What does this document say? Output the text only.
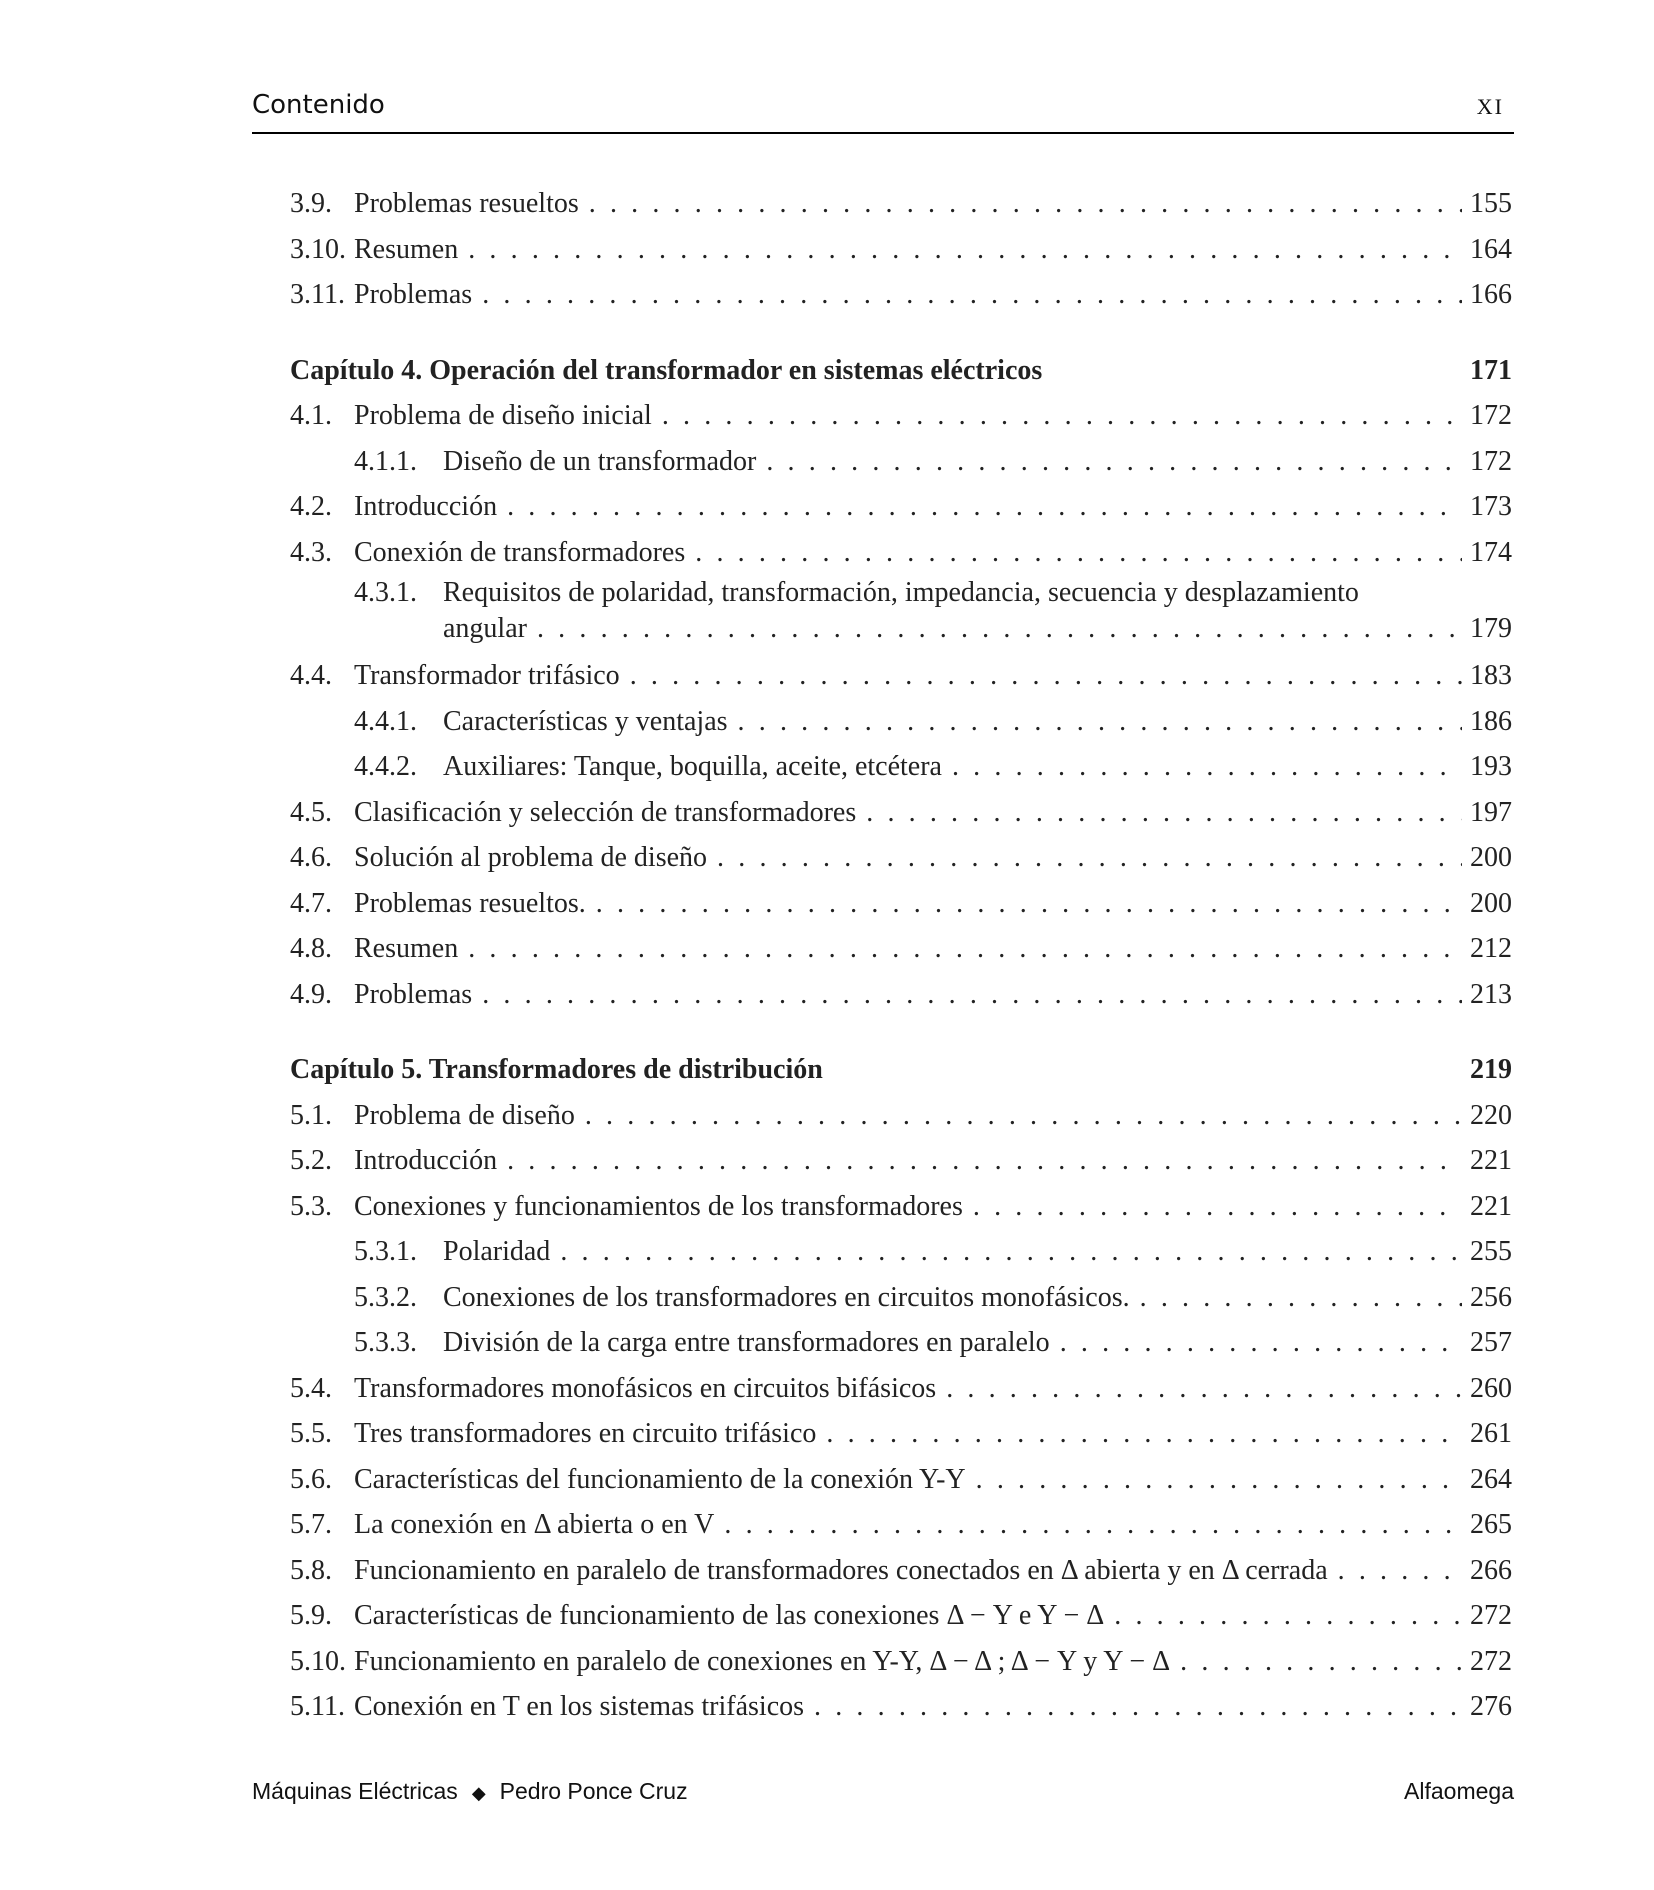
Contenido	XI
3.9. Problemas resueltos . . .	155
3.10. Resumen . . .	164
3.11. Problemas . . .	166
Capítulo 4. Operación del transformador en sistemas eléctricos	171
4.1. Problema de diseño inicial . . .	172
4.1.1. Diseño de un transformador . . .	172
4.2. Introducción . . .	173
4.3. Conexión de transformadores . . .	174
4.3.1. Requisitos de polaridad, transformación, impedancia, secuencia y desplazamiento
angular . . .	179
4.4. Transformador trifásico . . .	183
4.4.1. Características y ventajas . . .	186
4.4.2. Auxiliares: Tanque, boquilla, aceite, etcétera . . .	193
4.5. Clasificación y selección de transformadores . . .	197
4.6. Solución al problema de diseño . . .	200
4.7. Problemas resueltos. . . .	200
4.8. Resumen . . .	212
4.9. Problemas . . .	213
Capítulo 5. Transformadores de distribución	219
5.1. Problema de diseño . . .	220
5.2. Introducción . . .	221
5.3. Conexiones y funcionamientos de los transformadores . . .	221
5.3.1. Polaridad . . .	255
5.3.2. Conexiones de los transformadores en circuitos monofásicos. . . .	256
5.3.3. División de la carga entre transformadores en paralelo . . .	257
5.4. Transformadores monofásicos en circuitos bifásicos . . .	260
5.5. Tres transformadores en circuito trifásico . . .	261
5.6. Características del funcionamiento de la conexión Y-Y . . .	264
5.7. La conexión en Δ abierta o en V . . .	265
5.8. Funcionamiento en paralelo de transformadores conectados en Δ abierta y en Δ cerrada . . .	266
5.9. Características de funcionamiento de las conexiones Δ − Y e Y − Δ . . .	272
5.10. Funcionamiento en paralelo de conexiones en Y-Y, Δ − Δ ; Δ − Y y Y − Δ . . .	272
5.11. Conexión en T en los sistemas trifásicos . . .	276
Máquinas Eléctricas ◆ Pedro Ponce Cruz	Alfaomega
